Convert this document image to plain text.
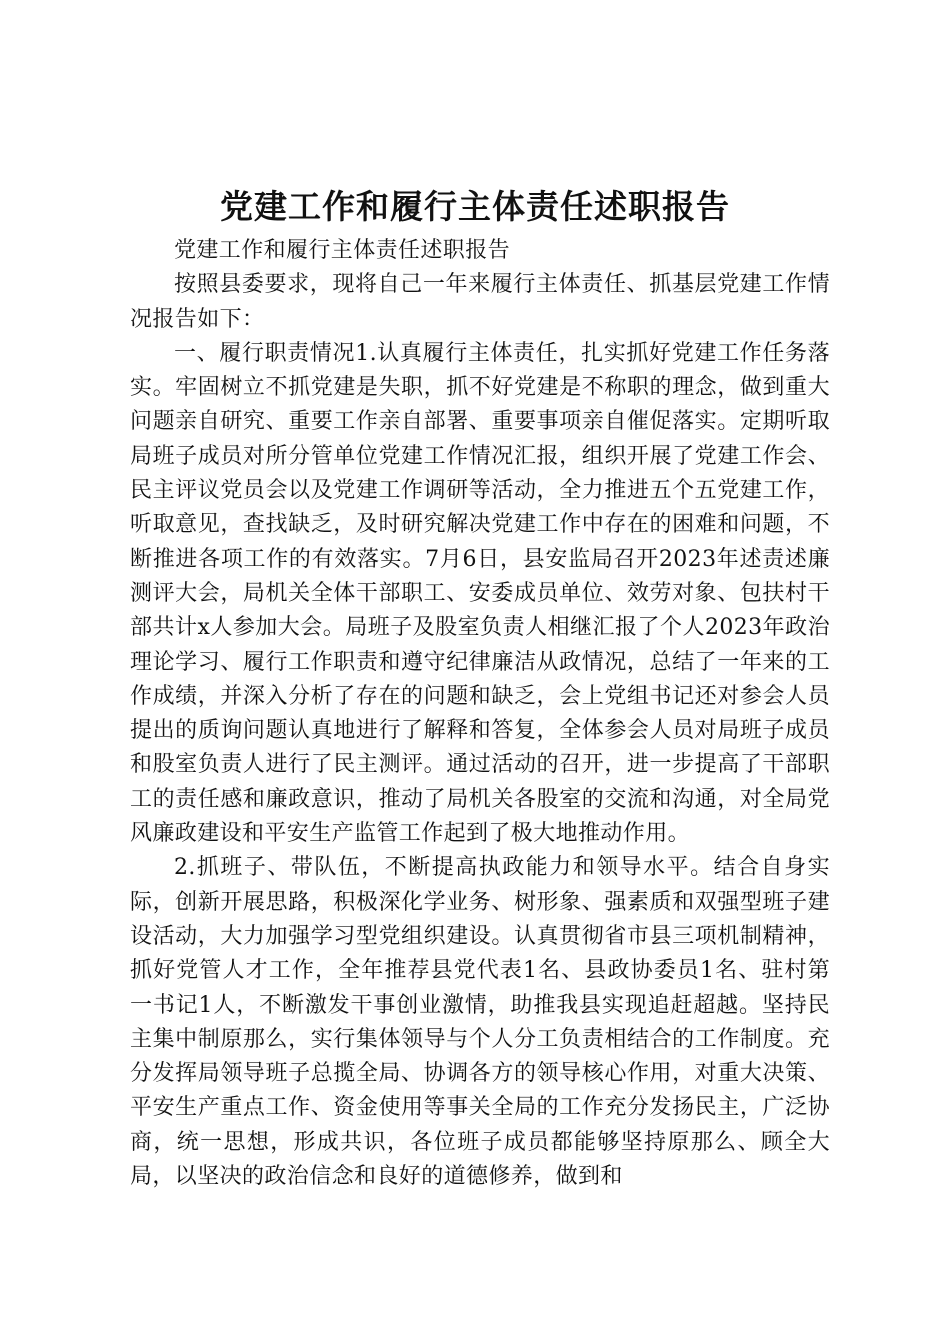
党建工作和履行主体责任述职报告

党建工作和履行主体责任述职报告

按照县委要求，现将自己一年来履行主体责任、抓基层党建工作情况报告如下：

一、履行职责情况1.认真履行主体责任，扎实抓好党建工作任务落实。牢固树立不抓党建是失职，抓不好党建是不称职的理念，做到重大问题亲自研究、重要工作亲自部署、重要事项亲自催促落实。定期听取局班子成员对所分管单位党建工作情况汇报，组织开展了党建工作会、民主评议党员会以及党建工作调研等活动，全力推进五个五党建工作，听取意见，查找缺乏，及时研究解决党建工作中存在的困难和问题，不断推进各项工作的有效落实。7月6日，县安监局召开2023年述责述廉测评大会，局机关全体干部职工、安委成员单位、效劳对象、包扶村干部共计x人参加大会。局班子及股室负责人相继汇报了个人2023年政治理论学习、履行工作职责和遵守纪律廉洁从政情况，总结了一年来的工作成绩，并深入分析了存在的问题和缺乏，会上党组书记还对参会人员提出的质询问题认真地进行了解释和答复，全体参会人员对局班子成员和股室负责人进行了民主测评。通过活动的召开，进一步提高了干部职工的责任感和廉政意识，推动了局机关各股室的交流和沟通，对全局党风廉政建设和平安生产监管工作起到了极大地推动作用。

2.抓班子、带队伍，不断提高执政能力和领导水平。结合自身实际，创新开展思路，积极深化学业务、树形象、强素质和双强型班子建设活动，大力加强学习型党组织建设。认真贯彻省市县三项机制精神，抓好党管人才工作，全年推荐县党代表1名、县政协委员1名、驻村第一书记1人，不断激发干事创业激情，助推我县实现追赶超越。坚持民主集中制原那么，实行集体领导与个人分工负责相结合的工作制度。充分发挥局领导班子总揽全局、协调各方的领导核心作用，对重大决策、平安生产重点工作、资金使用等事关全局的工作充分发扬民主，广泛协商，统一思想，形成共识，各位班子成员都能够坚持原那么、顾全大局，以坚决的政治信念和良好的道德修养，做到和
